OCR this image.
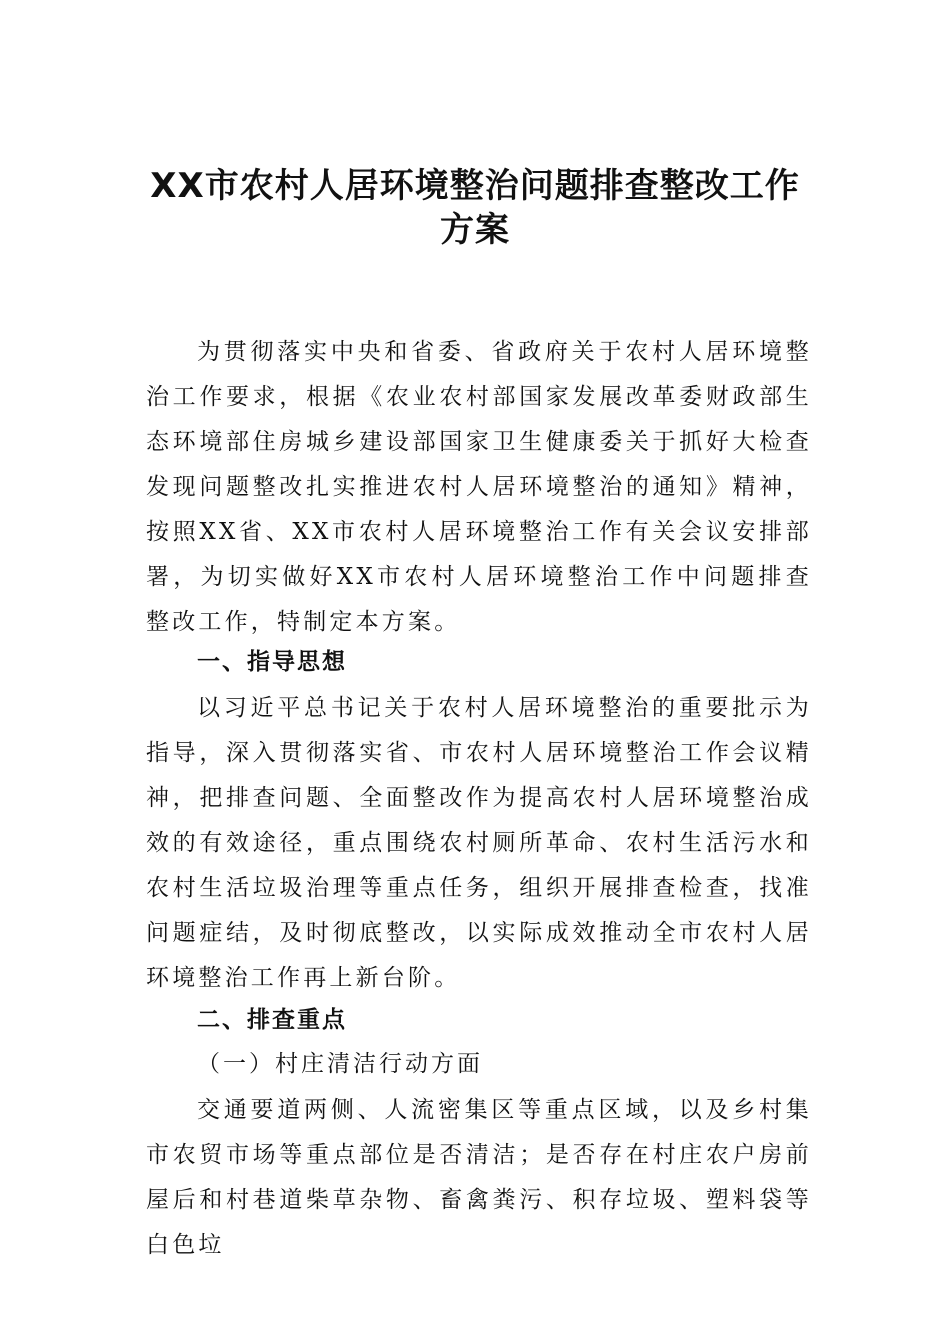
XX市农村人居环境整治问题排查整改工作
方案

为贯彻落实中央和省委、省政府关于农村人居环境整治工作要求，根据《农业农村部国家发展改革委财政部生态环境部住房城乡建设部国家卫生健康委关于抓好大检查发现问题整改扎实推进农村人居环境整治的通知》精神，按照XX省、XX市农村人居环境整治工作有关会议安排部署，为切实做好XX市农村人居环境整治工作中问题排查整改工作，特制定本方案。

一、指导思想

以习近平总书记关于农村人居环境整治的重要批示为指导，深入贯彻落实省、市农村人居环境整治工作会议精神，把排查问题、全面整改作为提高农村人居环境整治成效的有效途径，重点围绕农村厕所革命、农村生活污水和农村生活垃圾治理等重点任务，组织开展排查检查，找准问题症结，及时彻底整改，以实际成效推动全市农村人居环境整治工作再上新台阶。

二、排查重点
（一）村庄清洁行动方面

交通要道两侧、人流密集区等重点区域，以及乡村集市农贸市场等重点部位是否清洁；是否存在村庄农户房前屋后和村巷道柴草杂物、畜禽粪污、积存垃圾、塑料袋等白色垃
